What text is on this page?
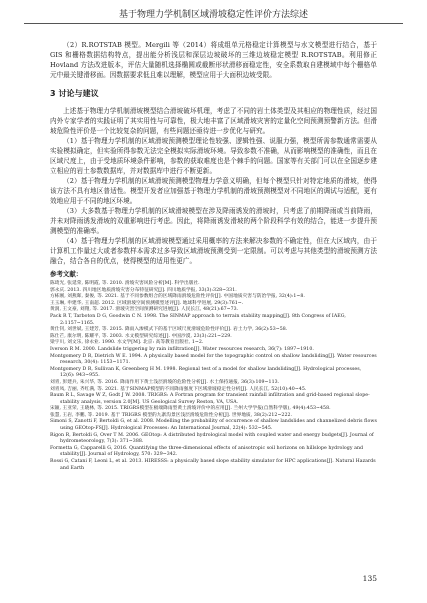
基于物理力学机制区域滑坡稳定性评价方法综述

（2）R.ROTSTAB 模型。Mergili 等（2014）将成组单元格稳定计算模型与水文模型进行结合，基于 GIS 和栅格数据结构特点，提出能分析浅层和深层边坡破坏的三维边坡稳定模型 R.ROTSTAB。利用修正 Hovland 方法改进版本，评估大量随机选择椭圆或截断形状滑移面稳定性，安全系数取自建模域中每个栅格单元中最关键滑移面。因数据要求低且难以理解，模型应用于大面积边坡受限。

3 讨论与建议

上述基于物理力学机制滑坡模型结合滑坡破坏机理，考虑了不同的岩土体类型及其相应的物理性质，经过国内外专家学者的实践证明了其实用性与可靠性，极大地丰富了区域滑坡灾害的定量化空间预测预警新方法。但滑坡危险性评价是一个比较复杂的问题，有些问题还亟待进一步优化与研究。

（1）基于物理力学机制的区域滑坡预测模型理论性较强、逻辑性强、说服力强，模型所需参数通常需要从实验模拟确定，但实验所得参数无法完全模拟实际滑坡环境。导致参数不准确，从而影响模型的准确性，而且在区域尺度上，由于受地质环境条件影响，参数的获取难度也是个棘手的问题。国家等有关部门可以在全国逐步建立相应的岩土参数数据库，并对数据库中进行不断更新。

（2）基于物理力学机制的区域滑坡预测模型物理力学意义明确，但每个模型只针对特定地质的滑坡，使得该方法不具有地区普适性。模型开发者应加强基于物理力学机制的滑坡预测模型对不同地区的调试与适配，更有效地应用于不同的地区环境。

（3）大多数基于物理力学机制的区域滑坡模型在涉及降雨诱发的滑坡时，只考虑了前期降雨或当前降雨，并未对降雨诱发滑坡的双重影响进行考虑。因此，将降雨诱发滑坡的两个阶段科学有效的结合，能进一步提升预测模型的准确率。

（4）基于物理力学机制的区域滑坡模型通过采用概率的方法来解决参数的不确定性，但在大区域内，由于计算机工作量过大或者参数样本需求过多导致区域滑坡预测受到一定限制。可以考虑与其他类型的滑坡预测方法融合，结合各自的优点，使得模型的适用性更广。

参考文献：

陈琦光, 张延荣, 陈明霞, 等. 2010. 滑坡灾害风险分析[M]. 科学出版社.

郭永庆. 2013. 四川地区地质滑坡灾害分布特征研究[J]. 四川地质学报, 33(3):328~331.

方栋刚, 刘燕晖, 秦俊, 等. 2021. 基于不同参数组合的区域降雨滑坡危险性评价[J]. 中国地质灾害与防治学报, 32(4):1~8.

王玉琳, 申建华, 王南超. 2012. 区域滑坡空间预测模型述评[J]. 地球科学进展, 29(3):761~.

黄润, 王文豪, 刘翔, 等. 2017. 滑坡灾害空间预测研究进展[J]. 人民长江, 48(21):67~73.

Pack R T, Tarboton D G, Goodwin C N. 1998. The SINMAP approach to terrain stability mapping[J]. 8th Congress of IAEG, 2:1157~1165.

黄仕钊, 刘世斌, 王建芳, 等. 2015. 降雨入渗模式下的基于区域尺度滑坡危险性评价[J]. 岩土力学, 36(2):53~58.

陈仕芒, 康尔明, 陈耀平, 等. 2003. 水文模型研究综述[J]. 中国沙漠, 23(3):221~229.

梁宇川, 刘文乐, 徐永业. 1990. 水文学[M]. 北京: 高等教育出版社, 1~2.

Iverson R M. 2000. Landslide triggering by rain infiltration[J]. Water resources research, 36(7): 1897~1910.

Montgomery D R, Dietrich W E. 1994. A physically based model for the topographic control on shallow landsliding[J]. Water resources research, 30(4): 1153~1171.

Montgomery D R, Sullivan K, Greenberg H M. 1998. Regional test of a model for shallow landsliding[J]. Hydrological processes, 12(6): 943~955.

刘青, 彭建兵, 朱兴华, 等. 2016. 降雨作用下黄土浅层滑坡的危险性分析[J]. 水土保持通报, 36(3):109~113.

刘青凤, 吉丽, 齐红满, 等. 2021. 基于SINMAP模型的不同降雨强度下区域滑坡稳定性分析[J]. 人民长江, 52(10):40~45.

Baum R L, Savage W Z, Godt J W. 2008. TRIGRS: A Fortran program for transient rainfall infiltration and grid-based regional slope-stability analysis, version 2.0[M]. US Geological Survey Reston, VA, USA.

宋颖, 王亚荣, 王晓林, 等. 2015. TRIGRS模型在极端降雨型黄土滑坡评价中的应用[J]. 兰州大学学报(自然科学版), 49(4):453~458.

张慧, 王岩, 李鹏, 等. 2019. 基于 TRIGRS 模型的九寨沟景区浅层滑坡危险性分析[J]. 世界地质, 38(2):212~222.

Simoni S, Zanotti F, Bertoldi G, et al. 2008. Modelling the probability of occurrence of shallow landslides and channelized debris flows using GEOtop-FS[J]. Hydrological Processes: An International Journal, 22(4): 532~545.

Rigon R, Bertoldi G, Over T M. 2006. GEOtop: A distributed hydrological model with coupled water and energy budgets[J]. Journal of hydrometeorology, 7(3): 371~388.

Formetta G, Capparelli G, 2016. Quantifying the three-dimensional effects of anisotropic soil horizons on hillslope hydrology and stability[J]. Journal of Hydrology, 570: 329~342.

Rossi G, Catani F, Leoni L, et al. 2013. HIRESSS: a physically based slope stability simulator for HPC applications[J]. Natural Hazards and Earth

135
